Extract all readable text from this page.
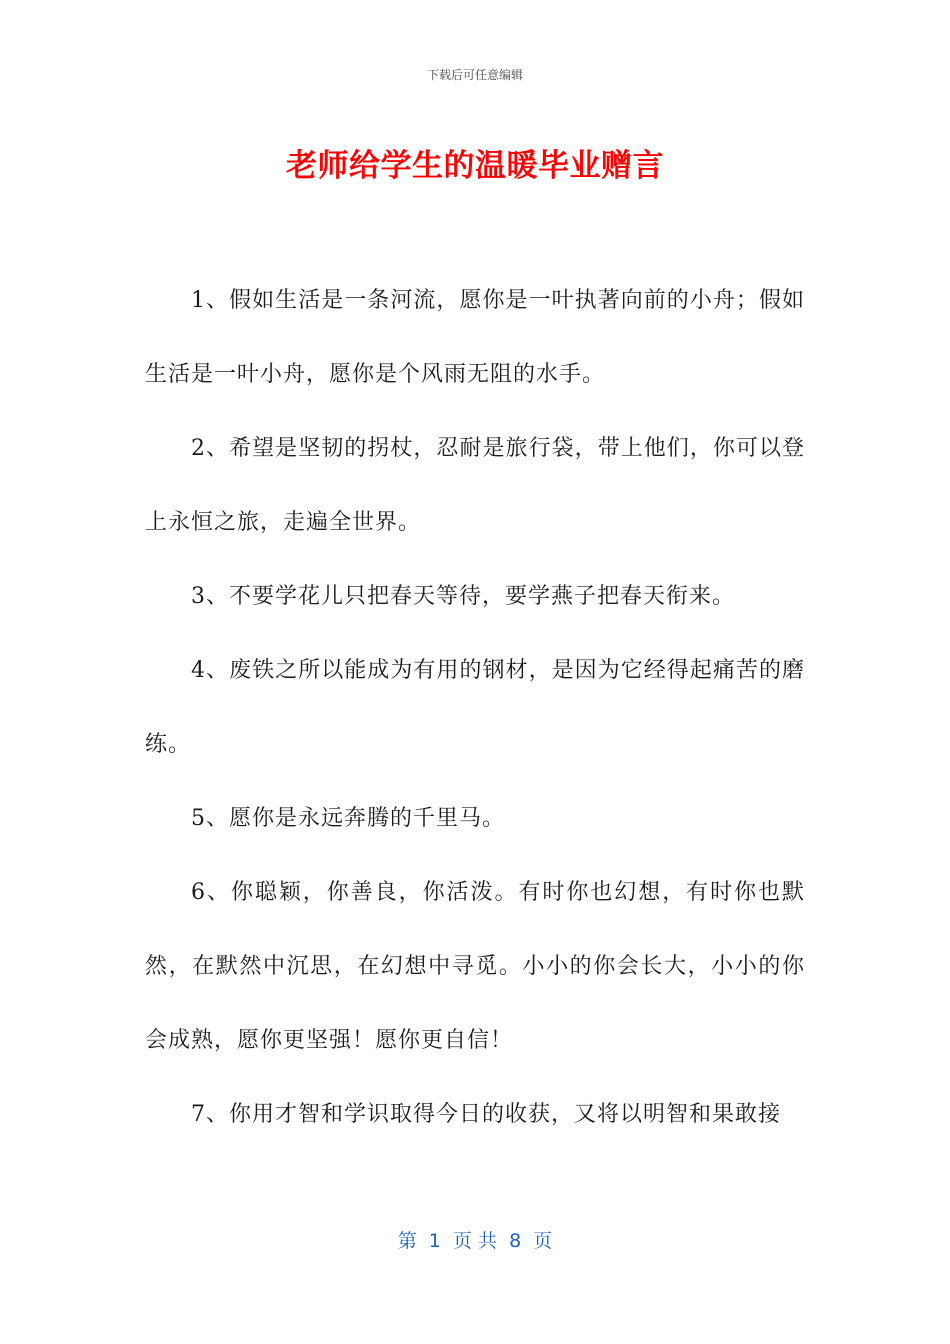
下载后可任意编辑
老师给学生的温暖毕业赠言

1、假如生活是一条河流，愿你是一叶执著向前的小舟；假如生活是一叶小舟，愿你是个风雨无阻的水手。

2、希望是坚韧的拐杖，忍耐是旅行袋，带上他们，你可以登上永恒之旅，走遍全世界。

3、不要学花儿只把春天等待，要学燕子把春天衔来。

4、废铁之所以能成为有用的钢材，是因为它经得起痛苦的磨练。

5、愿你是永远奔腾的千里马。

6、你聪颖，你善良，你活泼。有时你也幻想，有时你也默然，在默然中沉思，在幻想中寻觅。小小的你会长大，小小的你会成熟，愿你更坚强！愿你更自信！

7、你用才智和学识取得今日的收获，又将以明智和果敢接

第  1  页 共  8  页
